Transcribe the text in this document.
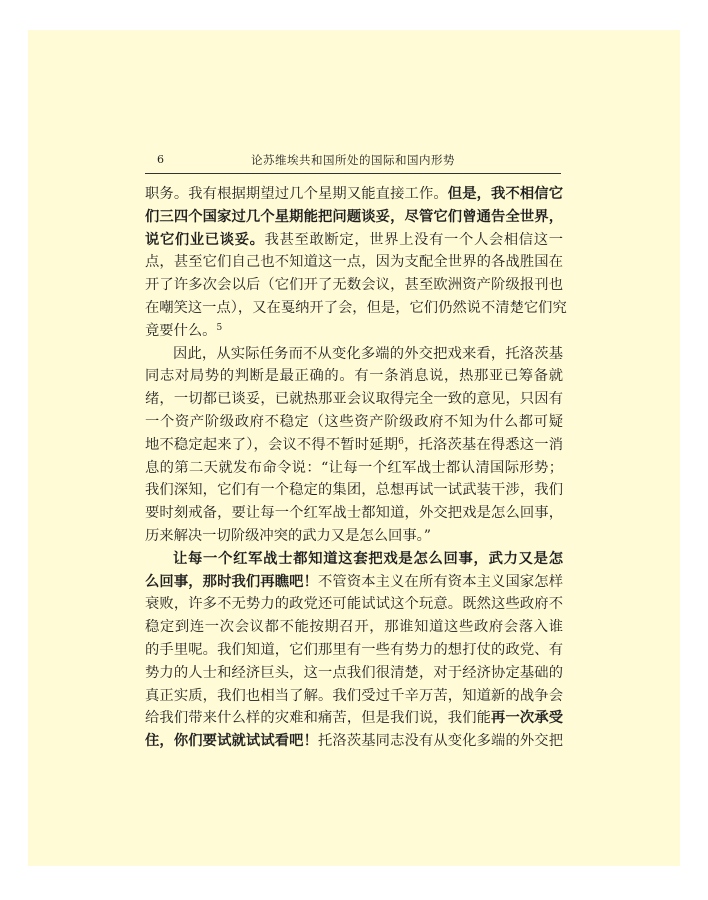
6	论苏维埃共和国所处的国际和国内形势
职务。我有根据期望过几个星期又能直接工作。但是，我不相信它
们三四个国家过几个星期能把问题谈妥，尽管它们曾通告全世界，
说它们业已谈妥。我甚至敢断定，世界上没有一个人会相信这一
点，甚至它们自己也不知道这一点，因为支配全世界的各战胜国在
开了许多次会以后（它们开了无数会议，甚至欧洲资产阶级报刊也
在嘲笑这一点），又在戛纳开了会，但是，它们仍然说不清楚它们究
竟要什么。$^5$
因此，从实际任务而不从变化多端的外交把戏来看，托洛茨基
同志对局势的判断是最正确的。有一条消息说，热那亚已筹备就
绪，一切都已谈妥，已就热那亚会议取得完全一致的意见，只因有
一个资产阶级政府不稳定（这些资产阶级政府不知为什么都可疑
地不稳定起来了），会议不得不暂时延期$^6$，托洛茨基在得悉这一消
息的第二天就发布命令说：“让每一个红军战士都认清国际形势；
我们深知，它们有一个稳定的集团，总想再试一试武装干涉，我们
要时刻戒备，要让每一个红军战士都知道，外交把戏是怎么回事，
历来解决一切阶级冲突的武力又是怎么回事。”
让每一个红军战士都知道这套把戏是怎么回事，武力又是怎
么回事，那时我们再瞧吧！不管资本主义在所有资本主义国家怎样
衰败，许多不无势力的政党还可能试试这个玩意。既然这些政府不
稳定到连一次会议都不能按期召开，那谁知道这些政府会落入谁
的手里呢。我们知道，它们那里有一些有势力的想打仗的政党、有
势力的人士和经济巨头，这一点我们很清楚，对于经济协定基础的
真正实质，我们也相当了解。我们受过千辛万苦，知道新的战争会
给我们带来什么样的灾难和痛苦，但是我们说，我们能再一次承受
住，你们要试就试试看吧！托洛茨基同志没有从变化多端的外交把
